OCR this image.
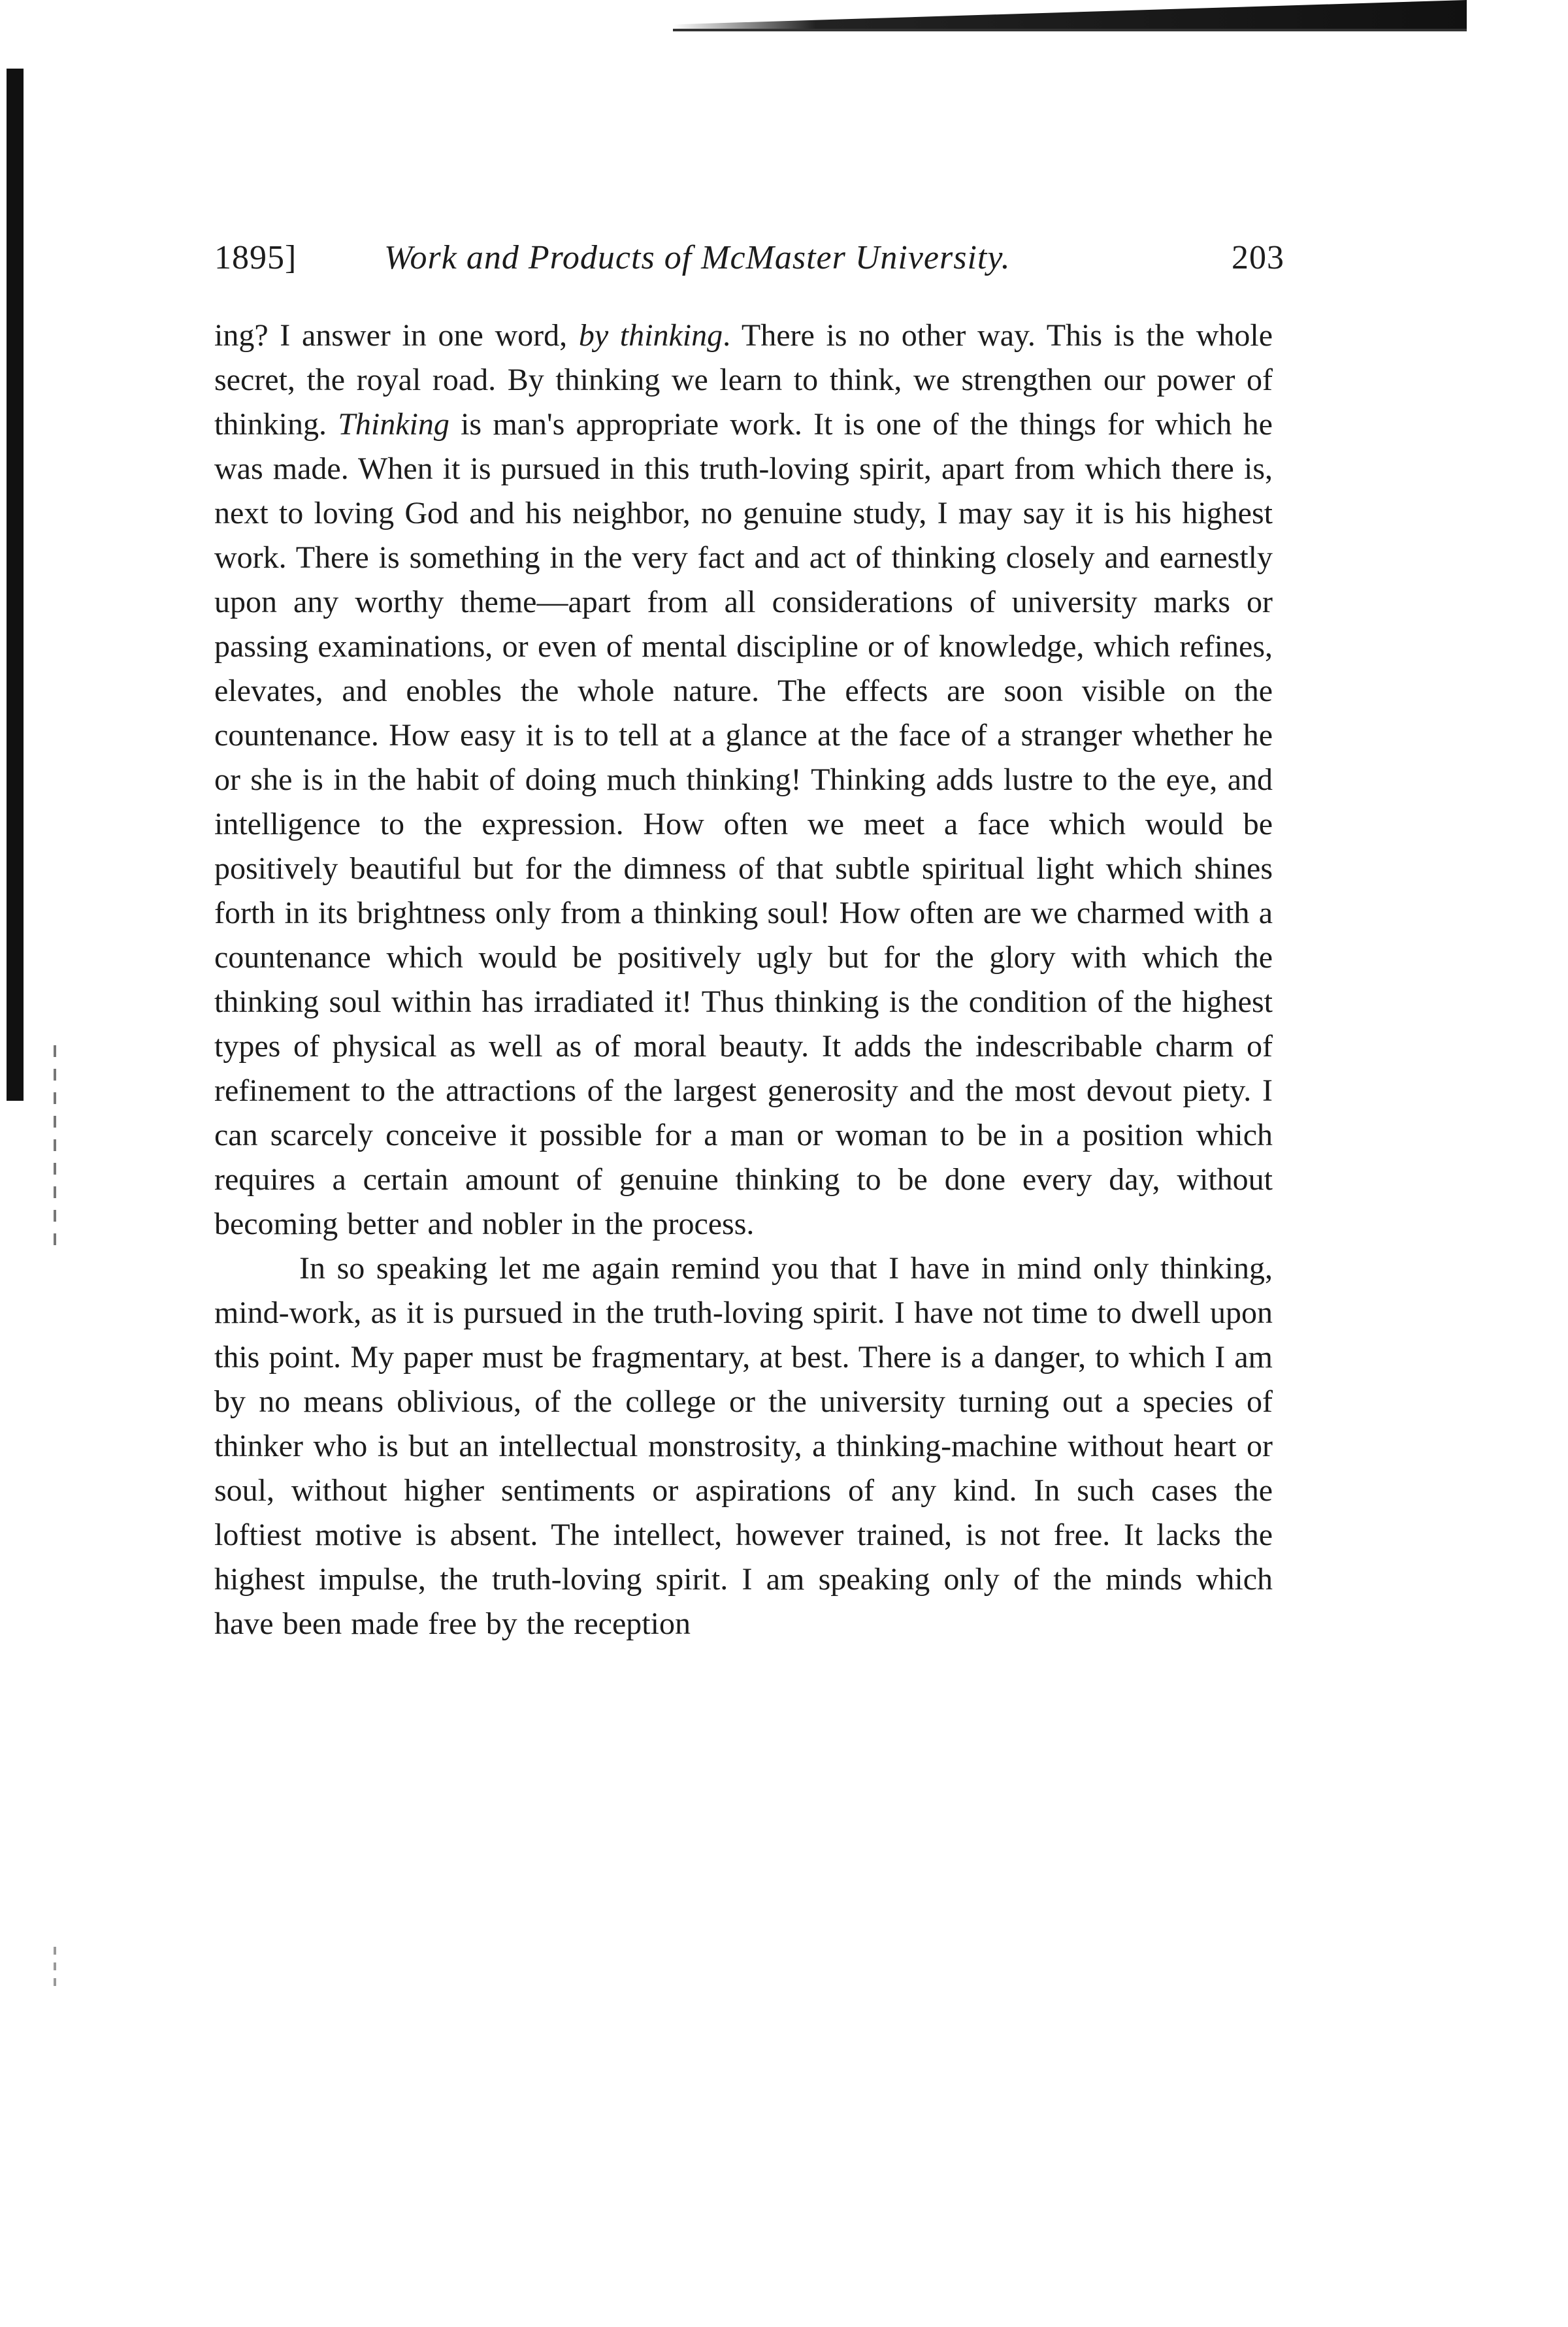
1895]	Work and Products of McMaster University.	203

ing? I answer in one word, by thinking. There is no other way. This is the whole secret, the royal road. By thinking we learn to think, we strengthen our power of thinking. Thinking is man's appropriate work. It is one of the things for which he was made. When it is pursued in this truth-loving spirit, apart from which there is, next to loving God and his neighbor, no genuine study, I may say it is his highest work. There is something in the very fact and act of thinking closely and earnestly upon any worthy theme—apart from all considerations of university marks or passing examinations, or even of mental discipline or of knowledge, which refines, elevates, and enobles the whole nature. The effects are soon visible on the countenance. How easy it is to tell at a glance at the face of a stranger whether he or she is in the habit of doing much thinking! Thinking adds lustre to the eye, and intelligence to the expression. How often we meet a face which would be positively beautiful but for the dimness of that subtle spiritual light which shines forth in its brightness only from a thinking soul! How often are we charmed with a countenance which would be positively ugly but for the glory with which the thinking soul within has irradiated it! Thus thinking is the condition of the highest types of physical as well as of moral beauty. It adds the indescribable charm of refinement to the attractions of the largest generosity and the most devout piety. I can scarcely conceive it possible for a man or woman to be in a position which requires a certain amount of genuine thinking to be done every day, without becoming better and nobler in the process.

In so speaking let me again remind you that I have in mind only thinking, mind-work, as it is pursued in the truth-loving spirit. I have not time to dwell upon this point. My paper must be fragmentary, at best. There is a danger, to which I am by no means oblivious, of the college or the university turning out a species of thinker who is but an intellectual monstrosity, a thinking-machine without heart or soul, without higher sentiments or aspirations of any kind. In such cases the loftiest motive is absent. The intellect, however trained, is not free. It lacks the highest impulse, the truth-loving spirit. I am speaking only of the minds which have been made free by the reception
